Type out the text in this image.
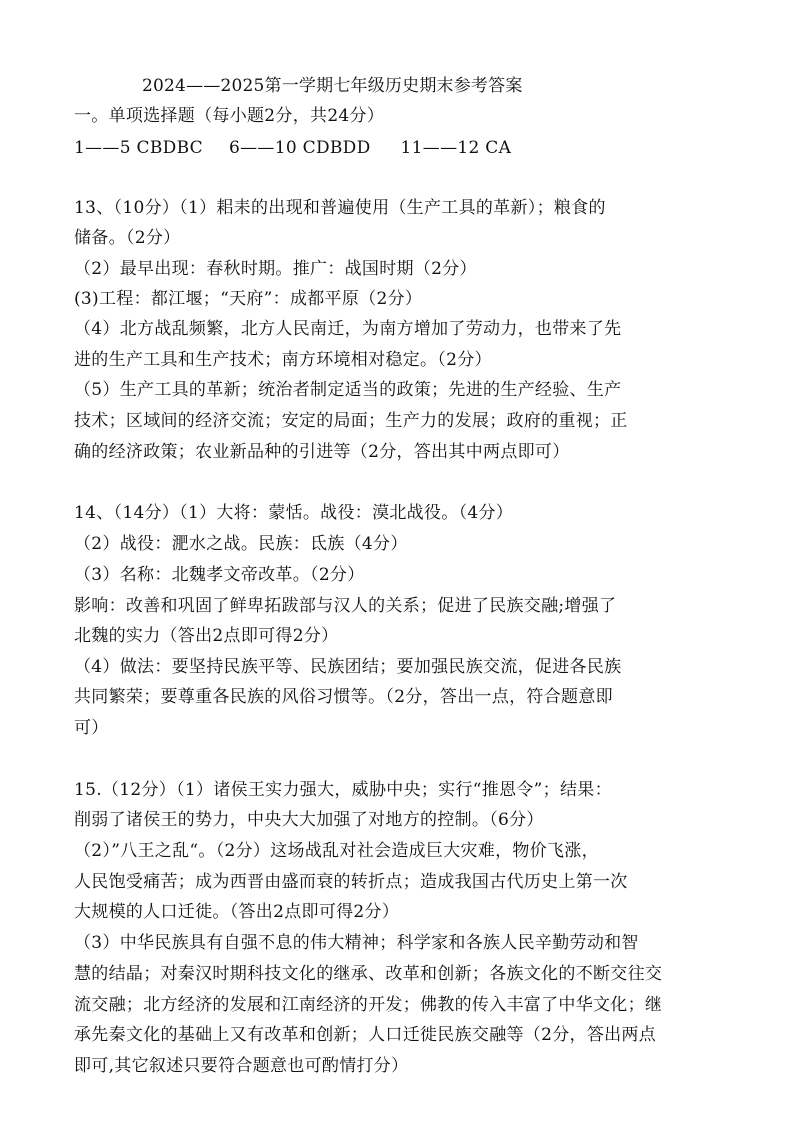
2024——2025第一学期七年级历史期末参考答案
一。单项选择题（每小题2分，共24分）
1——5 CBDBC 6——10 CDBDD 11——12 CA
13、（10分）（1）耜耒的出现和普遍使用（生产工具的革新）；粮食的
储备。（2分）
（2）最早出现：春秋时期。推广：战国时期（2分）
(3)工程：都江堰；“天府”：成都平原（2分）
（4）北方战乱频繁，北方人民南迁，为南方增加了劳动力，也带来了先
进的生产工具和生产技术；南方环境相对稳定。（2分）
（5）生产工具的革新；统治者制定适当的政策；先进的生产经验、生产
技术；区域间的经济交流；安定的局面；生产力的发展；政府的重视；正
确的经济政策；农业新品种的引进等（2分，答出其中两点即可）
14、（14分）（1）大将：蒙恬。战役：漠北战役。（4分）
（2）战役：淝水之战。民族：氐族（4分）
（3）名称：北魏孝文帝改革。（2分）
影响：改善和巩固了鲜卑拓跋部与汉人的关系；促进了民族交融;增强了
北魏的实力（答出2点即可得2分）
（4）做法：要坚持民族平等、民族团结；要加强民族交流，促进各民族
共同繁荣；要尊重各民族的风俗习惯等。（2分，答出一点，符合题意即
可）
15.（12分）（1）诸侯王实力强大，威胁中央；实行“推恩令”；结果：
削弱了诸侯王的势力，中央大大加强了对地方的控制。（6分）
（2）”八王之乱“。（2分）这场战乱对社会造成巨大灾难，物价飞涨，
人民饱受痛苦；成为西晋由盛而衰的转折点；造成我国古代历史上第一次
大规模的人口迁徙。（答出2点即可得2分）
（3）中华民族具有自强不息的伟大精神；科学家和各族人民辛勤劳动和智
慧的结晶；对秦汉时期科技文化的继承、改革和创新；各族文化的不断交往交
流交融；北方经济的发展和江南经济的开发；佛教的传入丰富了中华文化；继
承先秦文化的基础上又有改革和创新；人口迁徙民族交融等（2分，答出两点
即可,其它叙述只要符合题意也可酌情打分）
